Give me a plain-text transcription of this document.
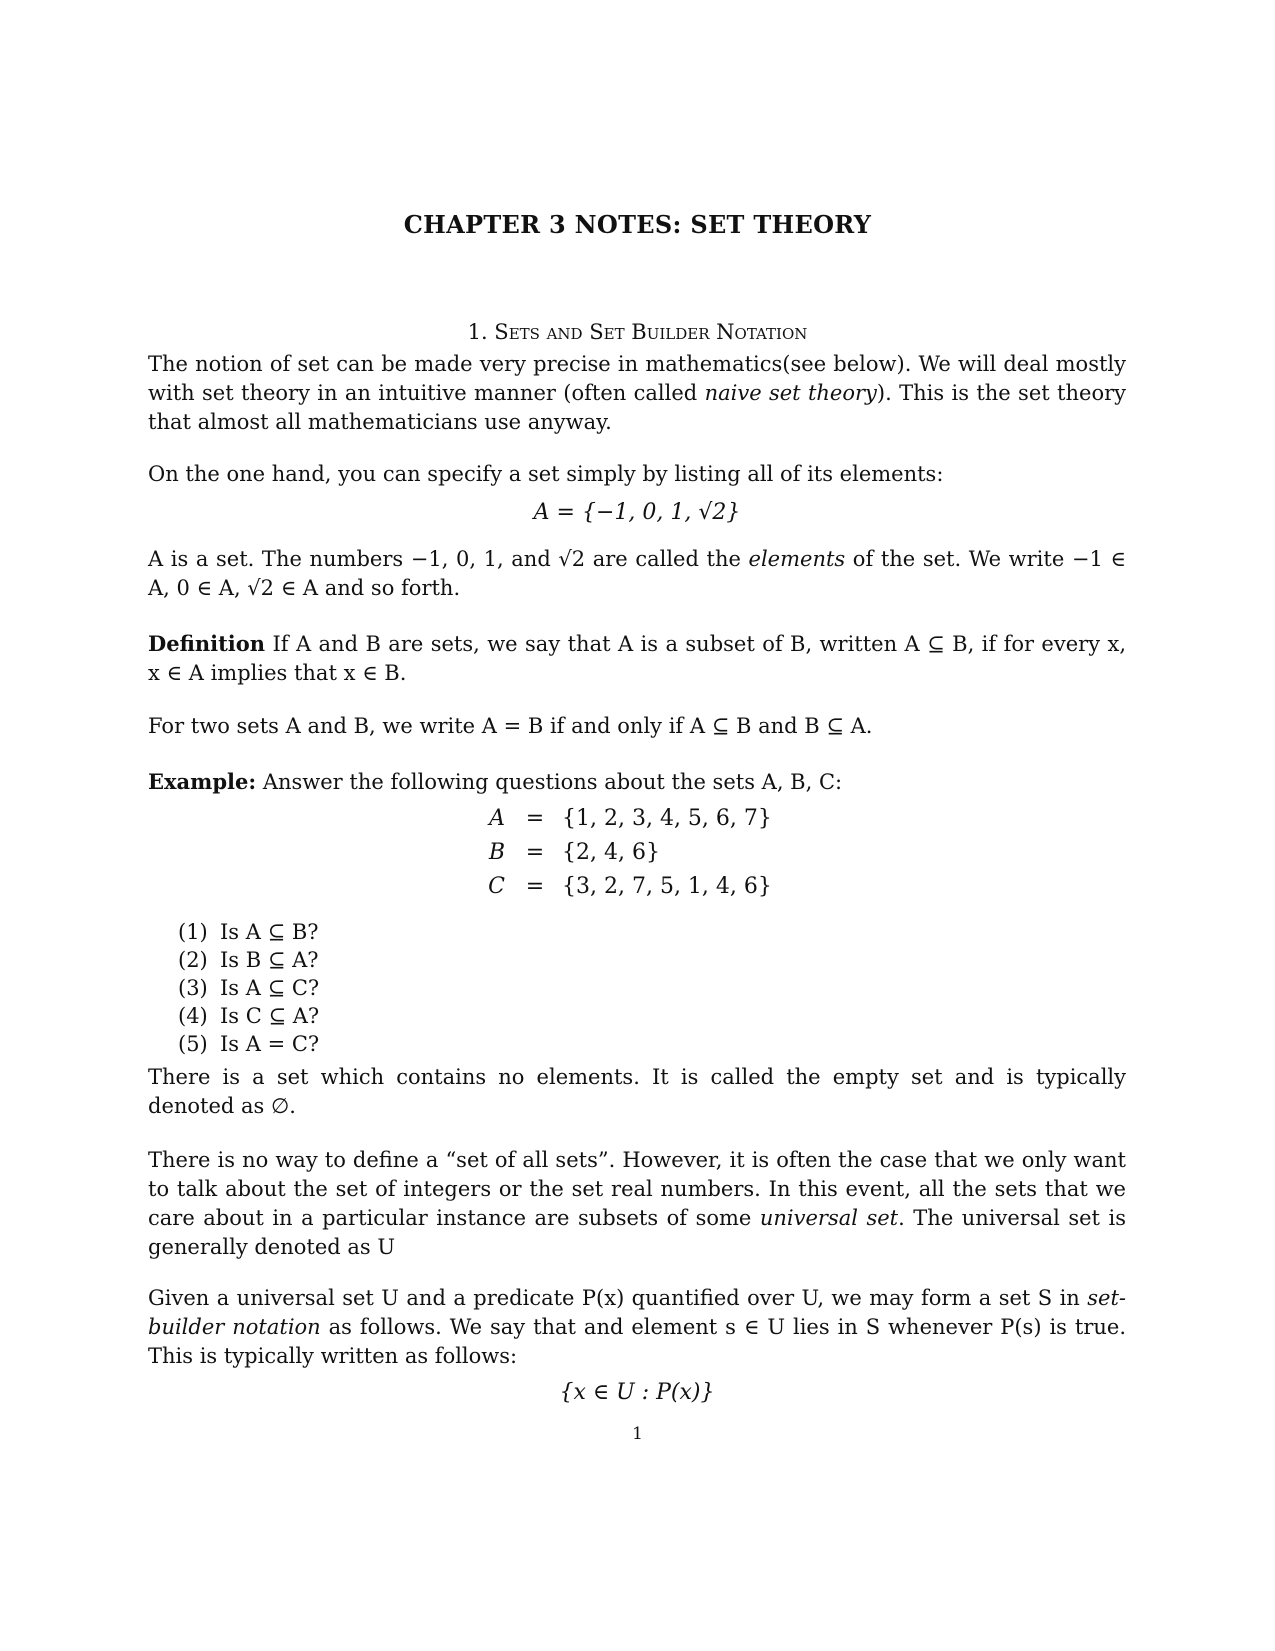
CHAPTER 3 NOTES: SET THEORY
1. Sets and Set Builder Notation

The notion of set can be made very precise in mathematics(see below). We will deal mostly with set theory in an intuitive manner (often called naive set theory). This is the set theory that almost all mathematicians use anyway.

On the one hand, you can specify a set simply by listing all of its elements:

A = {−1, 0, 1, √2}

A is a set. The numbers −1, 0, 1, and √2 are called the elements of the set. We write −1 ∈ A, 0 ∈ A, √2 ∈ A and so forth.

Definition If A and B are sets, we say that A is a subset of B, written A ⊆ B, if for every x, x ∈ A implies that x ∈ B.

For two sets A and B, we write A = B if and only if A ⊆ B and B ⊆ A.

Example: Answer the following questions about the sets A, B, C:

A = {1, 2, 3, 4, 5, 6, 7}
B = {2, 4, 6}
C = {3, 2, 7, 5, 1, 4, 6}
(1) Is A ⊆ B?
(2) Is B ⊆ A?
(3) Is A ⊆ C?
(4) Is C ⊆ A?
(5) Is A = C?

There is a set which contains no elements. It is called the empty set and is typically denoted as ∅.

There is no way to define a “set of all sets”. However, it is often the case that we only want to talk about the set of integers or the set real numbers. In this event, all the sets that we care about in a particular instance are subsets of some universal set. The universal set is generally denoted as U

Given a universal set U and a predicate P(x) quantified over U, we may form a set S in set-builder notation as follows. We say that and element s ∈ U lies in S whenever P(s) is true. This is typically written as follows:

{x ∈ U : P(x)}
1
